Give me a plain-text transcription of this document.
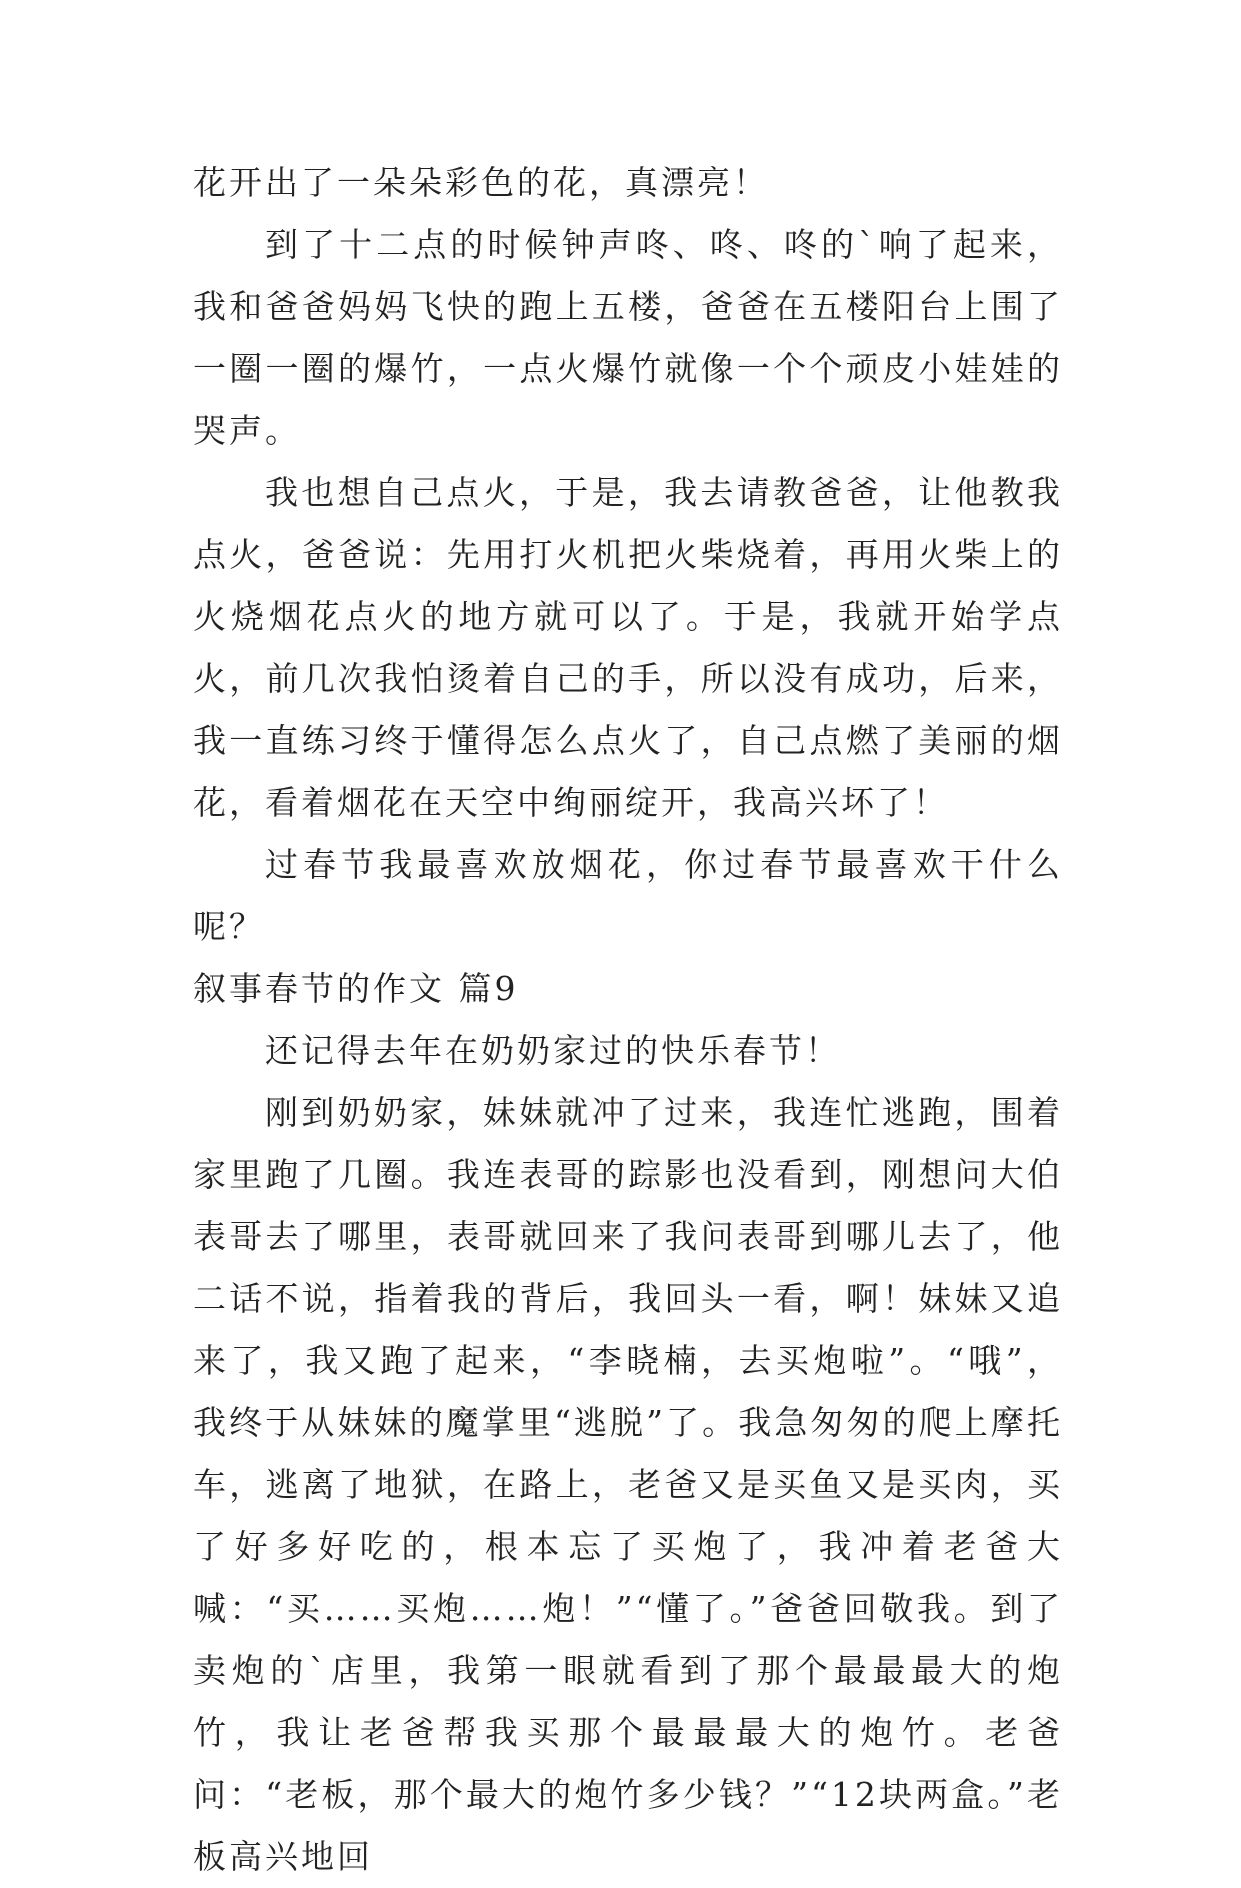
花开出了一朵朵彩色的花，真漂亮！

到了十二点的时候钟声咚、咚、咚的`响了起来，我和爸爸妈妈飞快的跑上五楼，爸爸在五楼阳台上围了一圈一圈的爆竹，一点火爆竹就像一个个顽皮小娃娃的哭声。

我也想自己点火，于是，我去请教爸爸，让他教我点火，爸爸说：先用打火机把火柴烧着，再用火柴上的火烧烟花点火的地方就可以了。于是，我就开始学点火，前几次我怕烫着自己的手，所以没有成功，后来，我一直练习终于懂得怎么点火了，自己点燃了美丽的烟花，看着烟花在天空中绚丽绽开，我高兴坏了！

过春节我最喜欢放烟花，你过春节最喜欢干什么呢？

叙事春节的作文 篇9

还记得去年在奶奶家过的快乐春节！

刚到奶奶家，妹妹就冲了过来，我连忙逃跑，围着家里跑了几圈。我连表哥的踪影也没看到，刚想问大伯表哥去了哪里，表哥就回来了我问表哥到哪儿去了，他二话不说，指着我的背后，我回头一看，啊！妹妹又追来了，我又跑了起来，“李晓楠，去买炮啦”。“哦”，我终于从妹妹的魔掌里“逃脱”了。我急匆匆的爬上摩托车，逃离了地狱，在路上，老爸又是买鱼又是买肉，买了好多好吃的，根本忘了买炮了，我冲着老爸大喊：“买……买炮……炮！”“懂了。”爸爸回敬我。到了卖炮的`店里，我第一眼就看到了那个最最最大的炮竹，我让老爸帮我买那个最最最大的炮竹。老爸问：“老板，那个最大的炮竹多少钱？”“12块两盒。”老板高兴地回
